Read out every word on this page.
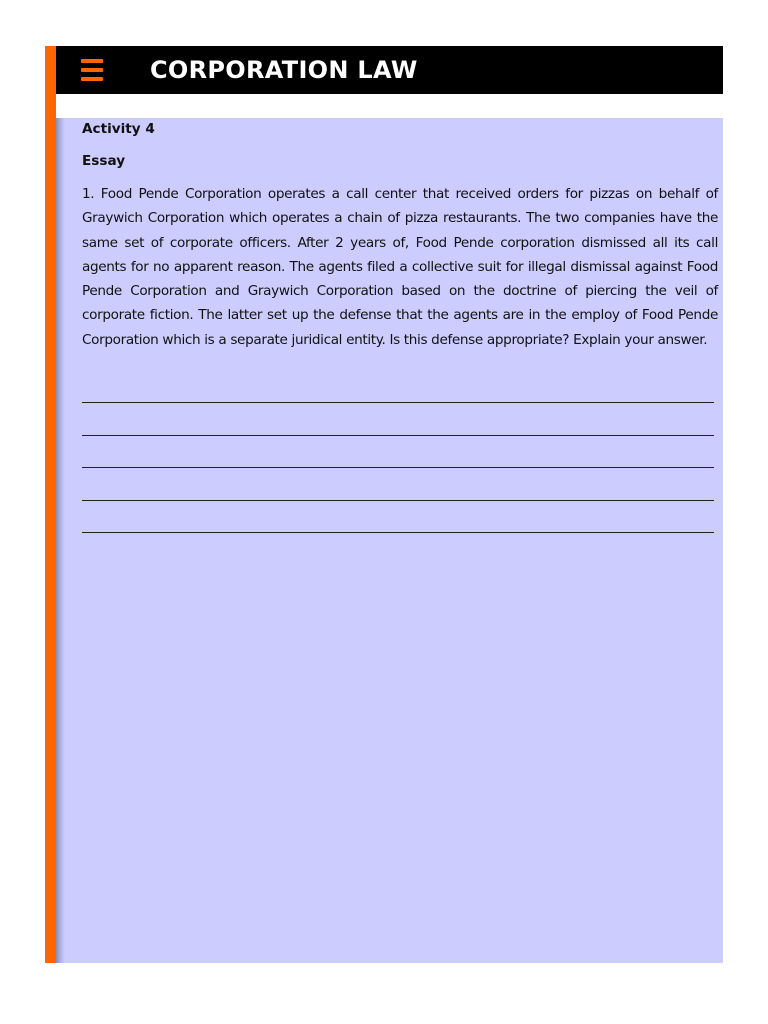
CORPORATION LAW
Activity 4
Essay

1. Food Pende Corporation operates a call center that received orders for pizzas on behalf of Graywich Corporation which operates a chain of pizza restaurants. The two companies have the same set of corporate officers. After 2 years of, Food Pende corporation dismissed all its call agents for no apparent reason. The agents filed a collective suit for illegal dismissal against Food Pende Corporation and Graywich Corporation based on the doctrine of piercing the veil of corporate fiction. The latter set up the defense that the agents are in the employ of Food Pende Corporation which is a separate juridical entity. Is this defense appropriate? Explain your answer.
